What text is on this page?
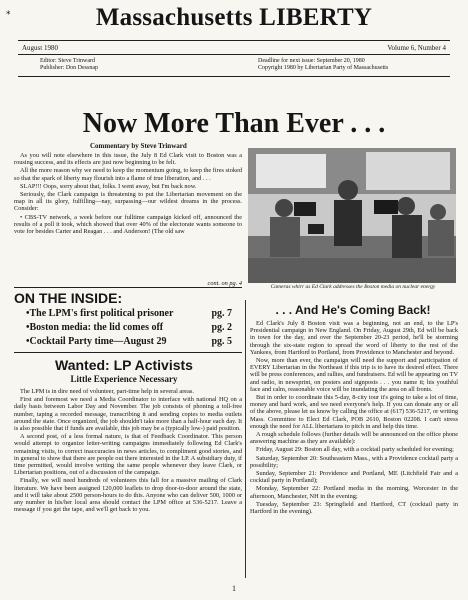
*	Massachusetts LIBERTY
August 1980	Volume 6, Number 4
Editor: Steve Trinward
Publisher: Don Dessnap
Deadline for next issue: September 20, 1980
Copyright 1980 by Libertarian Party of Massachusetts
Now More Than Ever . . .
Commentary by Steve Trinward

As you will note elsewhere in this issue, the July 8 Ed Clark visit to Boston was a rousing success, and its effects are just now beginning to be felt.

All the more reason why we need to keep the momentum going, to keep the fires stoked so that the spark of liberty may flourish into a flame of true liberation, and . . .

SLAP!!! Oops, sorry about that, folks. I went away, but I'm back now.

Seriously, the Clark campaign is threatening to put the Libertarian movement on the map in all its glory, fulfilling—nay, surpassing—our wildest dreams in the process. Consider:

• CBS-TV network, a week before our fulltime campaign kicked off, announced the results of a poll it took, which showed that over 40% of the electorate wants someone to vote for besides Carter and Reagan . . . and Anderson! (The old saw

cont. on pg. 4	Cameras whirr as Ed Clark addresses the Boston media on nuclear energy
ON THE INSIDE:
• The LPM's first political prisoner	pg. 7
• Boston media: the lid comes off	pg. 2
• Cocktail Party time—August 29	pg. 5
Wanted: LP Activists
Little Experience Necessary

The LPM is in dire need of volunteer, part-time help in several areas.

First and foremost we need a Media Coordinator to interface with national HQ on a daily basis between Labor Day and November. The job consists of phoning a toll-free number, taping a recorded message, transcribing it and sending copies to media outlets around the state. Once organized, the job shouldn't take more than a half-hour each day. It is also possible that if funds are available, this job may be a (typically low-) paid position.

A second post, of a less formal nature, is that of Feedback Coordinator. This person would attempt to organize letter-writing campaigns immediately following Ed Clark's remaining visits, to correct inaccuracies in news articles, to compliment good stories, and in general to show that there are people out there interested in the LP. A subsidiary duty, if time permitted, would involve writing the same people whenever they leave Clark, or Libertarian positions, out of a discussion of the campaign.

Finally, we will need hundreds of volunteers this fall for a massive mailing of Clark literature. We have been assigned 120,000 leaflets to drop door-to-door around the state, and it will take about 2500 person-hours to do this. Anyone who can deliver 500, 1000 or any number in his/her local area should contact the LPM office at 536-5217. Leave a message if you get the tape, and we'll get back to you.

. . . And He's Coming Back!

Ed Clark's July 8 Boston visit was a beginning, not an end, to the LP's Presidential campaign in New England. On Friday, August 29th, Ed will be back in town for the day, and over the September 20-23 period, he'll be storming through the six-state region to spread the word of liberty to the rest of the Yankees, from Hartford to Portland, from Providence to Manchester and beyond.

Now, more than ever, the campaign will need the support and participation of EVERY Libertarian in the Northeast if this trip is to have its desired effect. There will be press conferences, and rallies, and fundraisers. Ed will be appearing on TV and radio, in newsprint, on posters and signposts . . . you name it; his youthful face and calm, reasonable voice will be inundating the area on all fronts.

But in order to coordinate this 5-day, 8-city tour it's going to take a lot of time, money and hard work, and we need everyone's help. If you can donate any or all of the above, please let us know by calling the office at (617) 536-5217, or writing Mass. Committee to Elect Ed Clark, POB 2610, Boston 02208. I can't stress enough the need for ALL libertarians to pitch in and help this time.

A rough schedule follows (further details will be announced on the office phone answering machine as they are available):

Friday, August 29: Boston all day, with a cocktail party scheduled for evening;

Saturday, September 20: Southeastern Mass., with a Providence cocktail party a possibility;

Sunday, September 21: Providence and Portland, ME (Litchfield Fair and a cocktail party in Portland);

Monday, September 22: Portland media in the morning, Worcester in the afternoon, Manchester, NH in the evening;

Tuesday, September 23: Springfield and Hartford, CT (cocktail party in Hartford in the evening).

1
